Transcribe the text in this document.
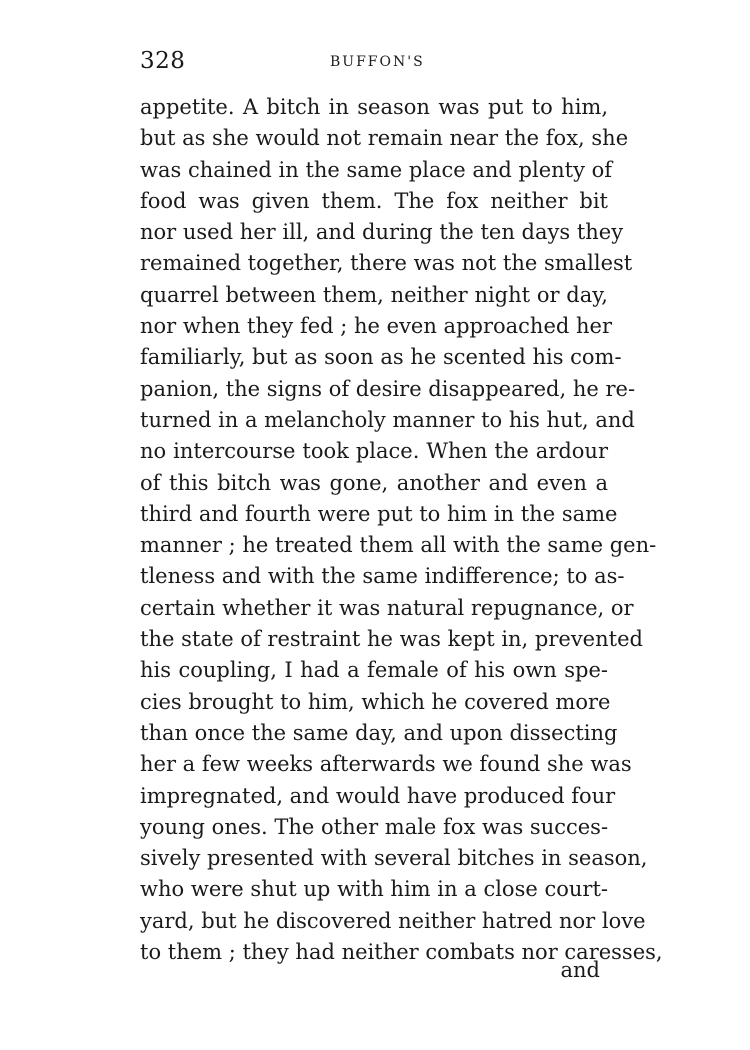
328	BUFFON'S
appetite. A bitch in season was put to him,
but as she would not remain near the fox, she
was chained in the same place and plenty of
food was given them. The fox neither bit
nor used her ill, and during the ten days they
remained together, there was not the smallest
quarrel between them, neither night or day,
nor when they fed ; he even approached her
familiarly, but as soon as he scented his com-
panion, the signs of desire disappeared, he re-
turned in a melancholy manner to his hut, and
no intercourse took place. When the ardour
of this bitch was gone, another and even a
third and fourth were put to him in the same
manner ; he treated them all with the same gen-
tleness and with the same indifference; to as-
certain whether it was natural repugnance, or
the state of restraint he was kept in, prevented
his coupling, I had a female of his own spe-
cies brought to him, which he covered more
than once the same day, and upon dissecting
her a few weeks afterwards we found she was
impregnated, and would have produced four
young ones. The other male fox was succes-
sively presented with several bitches in season,
who were shut up with him in a close court-
yard, but he discovered neither hatred nor love
to them ; they had neither combats nor caresses,
and
